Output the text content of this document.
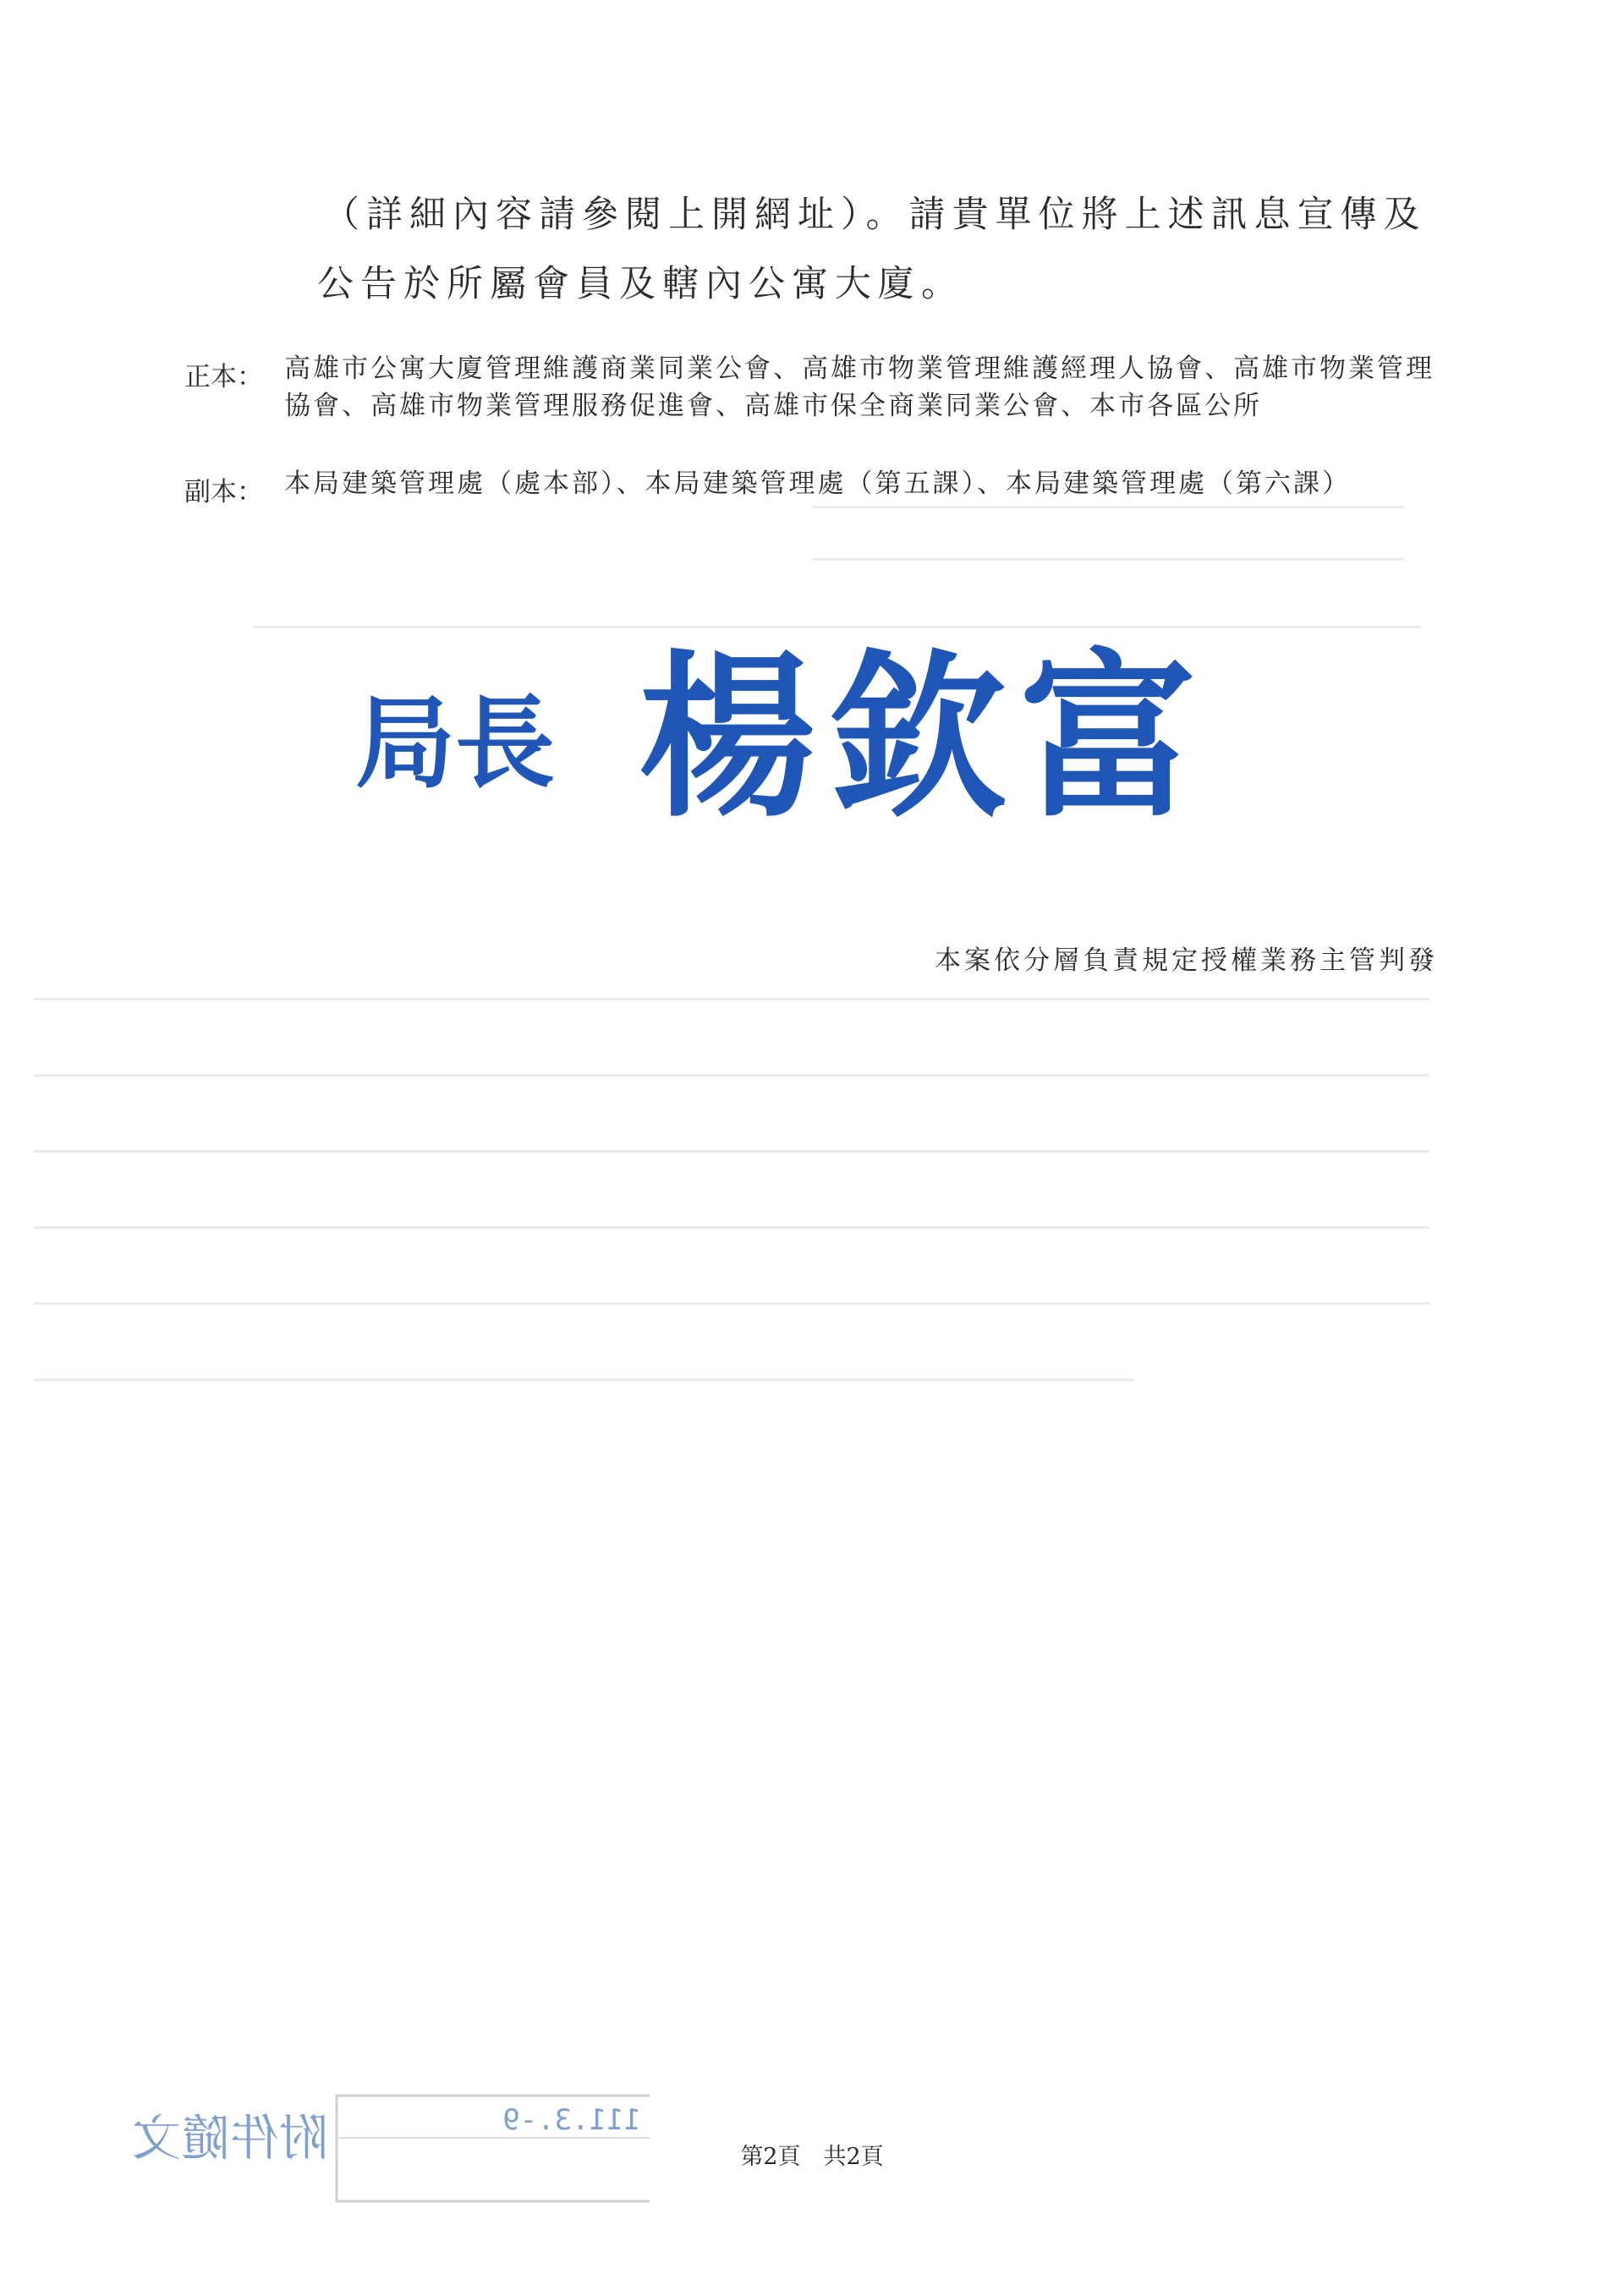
（詳細內容請參閱上開網址）。請貴單位將上述訊息宣傳及
公告於所屬會員及轄內公寓大廈。
正本： 高雄市公寓大廈管理維護商業同業公會、高雄市物業管理維護經理人協會、高雄市物業管理協會、高雄市物業管理服務促進會、高雄市保全商業同業公會、本市各區公所
副本： 本局建築管理處（處本部）、本局建築管理處（第五課）、本局建築管理處（第六課）
局長 楊欽富
本案依分層負責規定授權業務主管判發
附件隨文	111.3.-9
第2頁　共2頁
